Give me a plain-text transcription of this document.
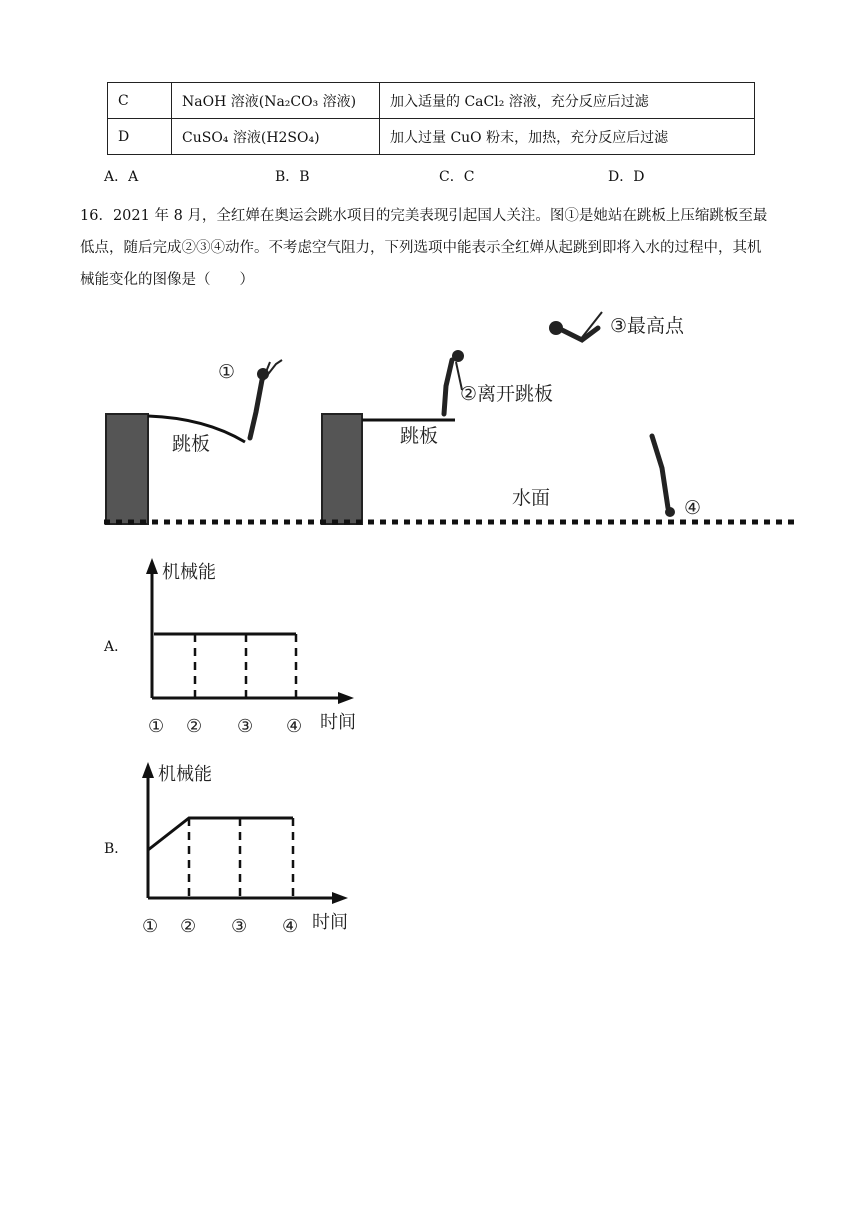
C	NaOH 溶液(Na₂CO₃ 溶液)	加入适量的 CaCl₂ 溶液，充分反应后过滤
D	CuSO₄ 溶液(H2SO₄)	加人过量 CuO 粉末，加热，充分反应后过滤
A．A	B．B	C．C	D．D
16．2021 年 8 月，全红婵在奥运会跳水项目的完美表现引起国人关注。图①是她站在跳板上压缩跳板至最低点，随后完成②③④动作。不考虑空气阻力，下列选项中能表示全红婵从起跳到即将入水的过程中，其机械能变化的图像是（　　）
①
跳板
②离开跳板
跳板
③最高点
④
水面
A．
机械能
时间
① ② ③ ④
B．
机械能
时间
① ② ③ ④
